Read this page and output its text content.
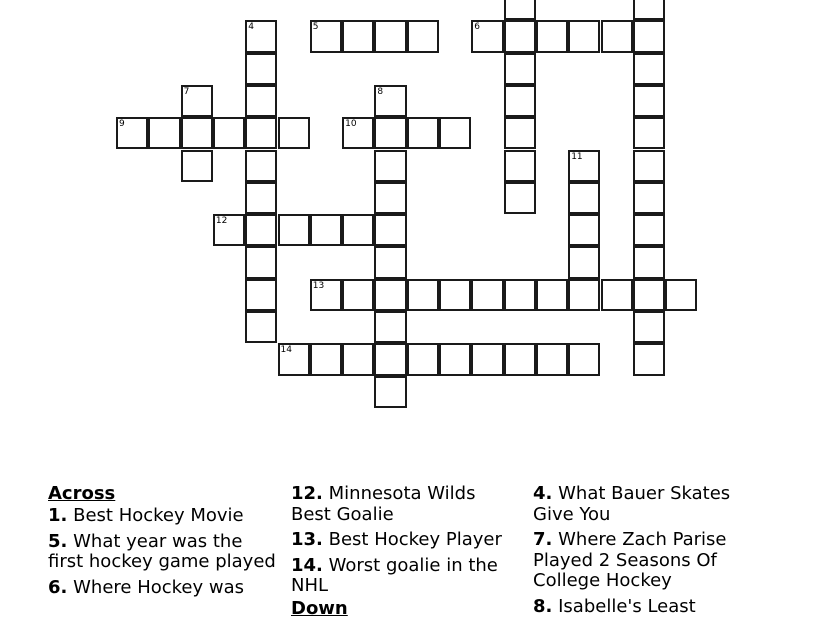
4	5	6
7	8
9	10
11
12
13
14
Across
1. Best Hockey Movie
5. What year was the first hockey game played
6. Where Hockey was
12. Minnesota Wilds Best Goalie
13. Best Hockey Player
14. Worst goalie in the NHL
Down
4. What Bauer Skates Give You
7. Where Zach Parise Played 2 Seasons Of College Hockey
8. Isabelle's Least
